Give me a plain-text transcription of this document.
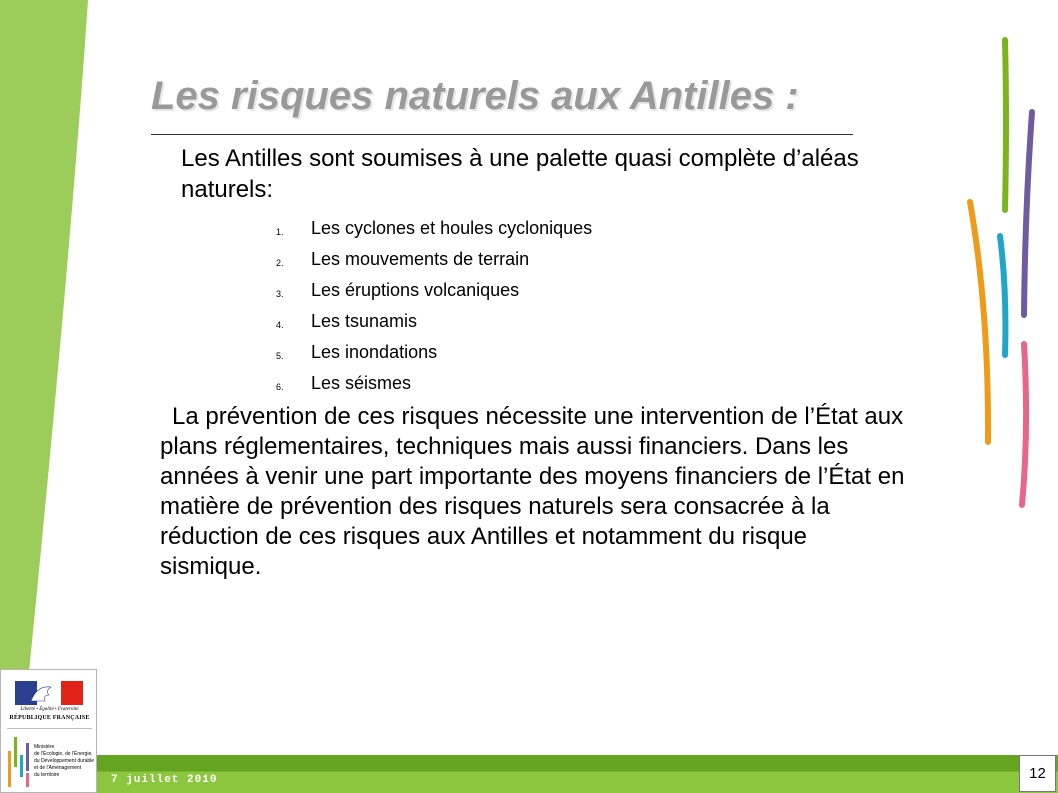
Les risques naturels aux Antilles :

Les Antilles sont soumises à une palette quasi complète d’aléas naturels:

1.	Les cyclones et houles cycloniques
2.	Les mouvements de terrain
3.	Les éruptions volcaniques
4.	Les tsunamis
5.	Les inondations
6.	Les séismes

La prévention de ces risques nécessite une intervention de l’État aux plans réglementaires, techniques mais aussi financiers. Dans les années à venir une part importante des moyens financiers de l’État en matière de prévention des risques naturels sera consacrée à la réduction de ces risques aux Antilles et notamment du risque sismique.

Liberté • Égalité • Fraternité
RÉPUBLIQUE FRANÇAISE
Ministère
de l'Écologie, de l'Énergie,
du Développement durable
et de l'Aménagement
du territoire	7 juillet 2010	12
